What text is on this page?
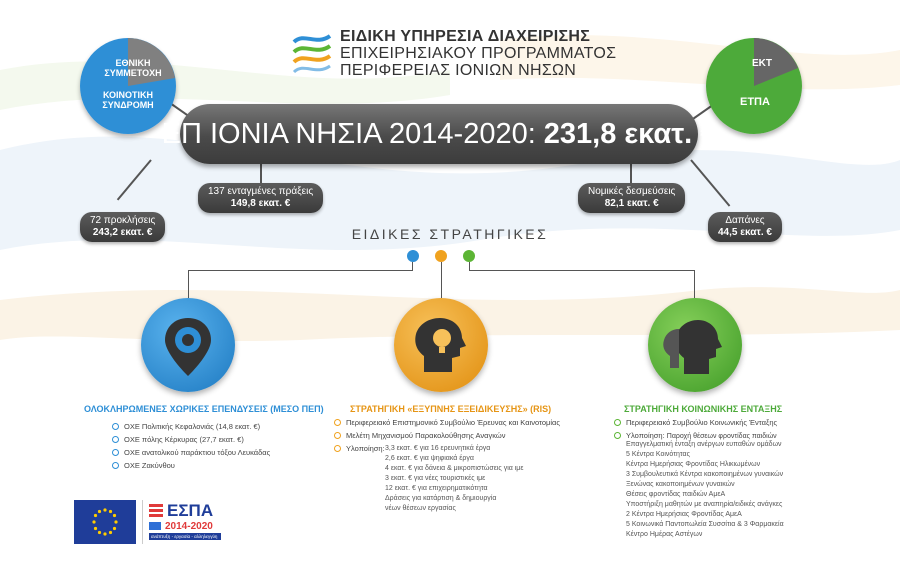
ΕΙΔΙΚΗ ΥΠΗΡΕΣΙΑ ΔΙΑΧΕΙΡΙΣΗΣ
ΕΠΙΧΕΙΡΗΣΙΑΚΟΥ ΠΡΟΓΡΑΜΜΑΤΟΣ
ΠΕΡΙΦΕΡΕΙΑΣ ΙΟΝΙΩΝ ΝΗΣΩΝ
ΕΘΝΙΚΗ ΣΥΜΜΕΤΟΧΗ
ΚΟΙΝΟΤΙΚΗ ΣΥΝΔΡΟΜΗ
ΕΚΤ
ΕΤΠΑ
ΕΠ ΙΟΝΙΑ ΝΗΣΙΑ 2014-2020: 231,8 εκατ. €
72 προκλήσεις
243,2 εκατ. €
137 ενταγμένες πράξεις
149,8 εκατ. €
Νομικές δεσμεύσεις
82,1 εκατ. €
Δαπάνες
44,5 εκατ. €
ΕΙΔΙΚΕΣ ΣΤΡΑΤΗΓΙΚΕΣ
ΟΛΟΚΛΗΡΩΜΕΝΕΣ ΧΩΡΙΚΕΣ ΕΠΕΝΔΥΣΕΙΣ (ΜΕΣΟ ΠΕΠ)
ΟΧΕ Πολιτικής Κεφαλονιάς (14,8 εκατ. €)
ΟΧΕ πόλης Κέρκυρας (27,7 εκατ. €)
ΟΧΕ ανατολικού παράκτιου τόξου Λευκάδας
ΟΧΕ Ζακύνθου
ΣΤΡΑΤΗΓΙΚΗ «ΕΞΥΠΝΗΣ ΕΞΕΙΔΙΚΕΥΣΗΣ» (RIS)
Περιφερειακό Επιστημονικό Συμβούλιο Έρευνας και Καινοτομίας
Μελέτη Μηχανισμού Παρακολούθησης Αναγκών
Υλοποίηση: 3,3 εκατ. € για 16 ερευνητικά έργα
2,6 εκατ. € για ψηφιακά έργα
4 εκατ. € για δάνεια & μικροπιστώσεις για ιμε
3 εκατ. € για νέες τουριστικές ιμε
12 εκατ. € για επιχειρηματικότητα
Δράσεις για κατάρτιση & δημιουργία
νέων θέσεων εργασίας
ΣΤΡΑΤΗΓΙΚΗ ΚΟΙΝΩΝΙΚΗΣ ΕΝΤΑΞΗΣ
Περιφερειακό Συμβούλιο Κοινωνικής Ένταξης
Υλοποίηση: Παροχή θέσεων φροντίδας παιδιών
Επαγγελματική ένταξη ανέργων ευπαθών ομάδων
5 Κέντρα Κοινότητας
Κέντρα Ημερήσιας Φροντίδας Ηλικιωμένων
3 Συμβουλευτικά Κέντρα κακοποιημένων γυναικών
Ξενώνας κακοποιημένων γυναικών
Θέσεις φροντίδας παιδιών ΑμεΑ
Υποστήριξη μαθητών με αναπηρία/ειδικές ανάγκες
2 Κέντρα Ημερήσιας Φροντίδας ΑμεΑ
5 Κοινωνικά Παντοπωλεία Συσσίτια & 3 Φαρμακεία
Κέντρο Ημέρας Αστέγων
ΕΣΠΑ
2014-2020
ανάπτυξη - εργασία - αλληλεγγύη
